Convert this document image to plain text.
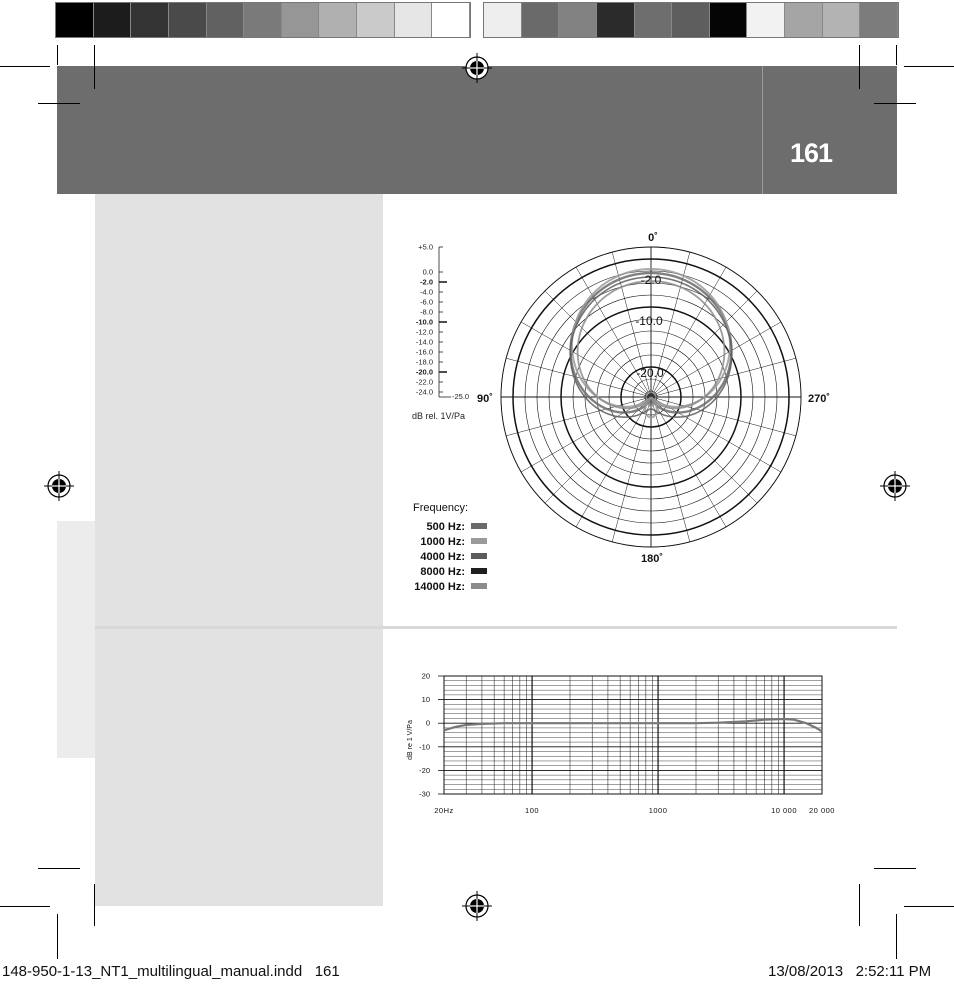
161
+5.0
0.0
-2.0
-4.0
-6.0
-8.0
-10.0
-12.0
-14.0
-16.0
-18.0
-20.0
-22.0
-24.0	-25.0
dB rel. 1V/Pa
-2.0
-10.0
-20.0
0˚
90˚	270˚
180˚
Frequency:
500 Hz:
1000 Hz:
4000 Hz:
8000 Hz:
14000 Hz:
dB re 1 V/Pa
20
10
0
-10
-20
-30
20Hz	100	1000	10 000 20 000
148-950-1-13_NT1_multilingual_manual.indd   161	13/08/2013   2:52:11 PM
